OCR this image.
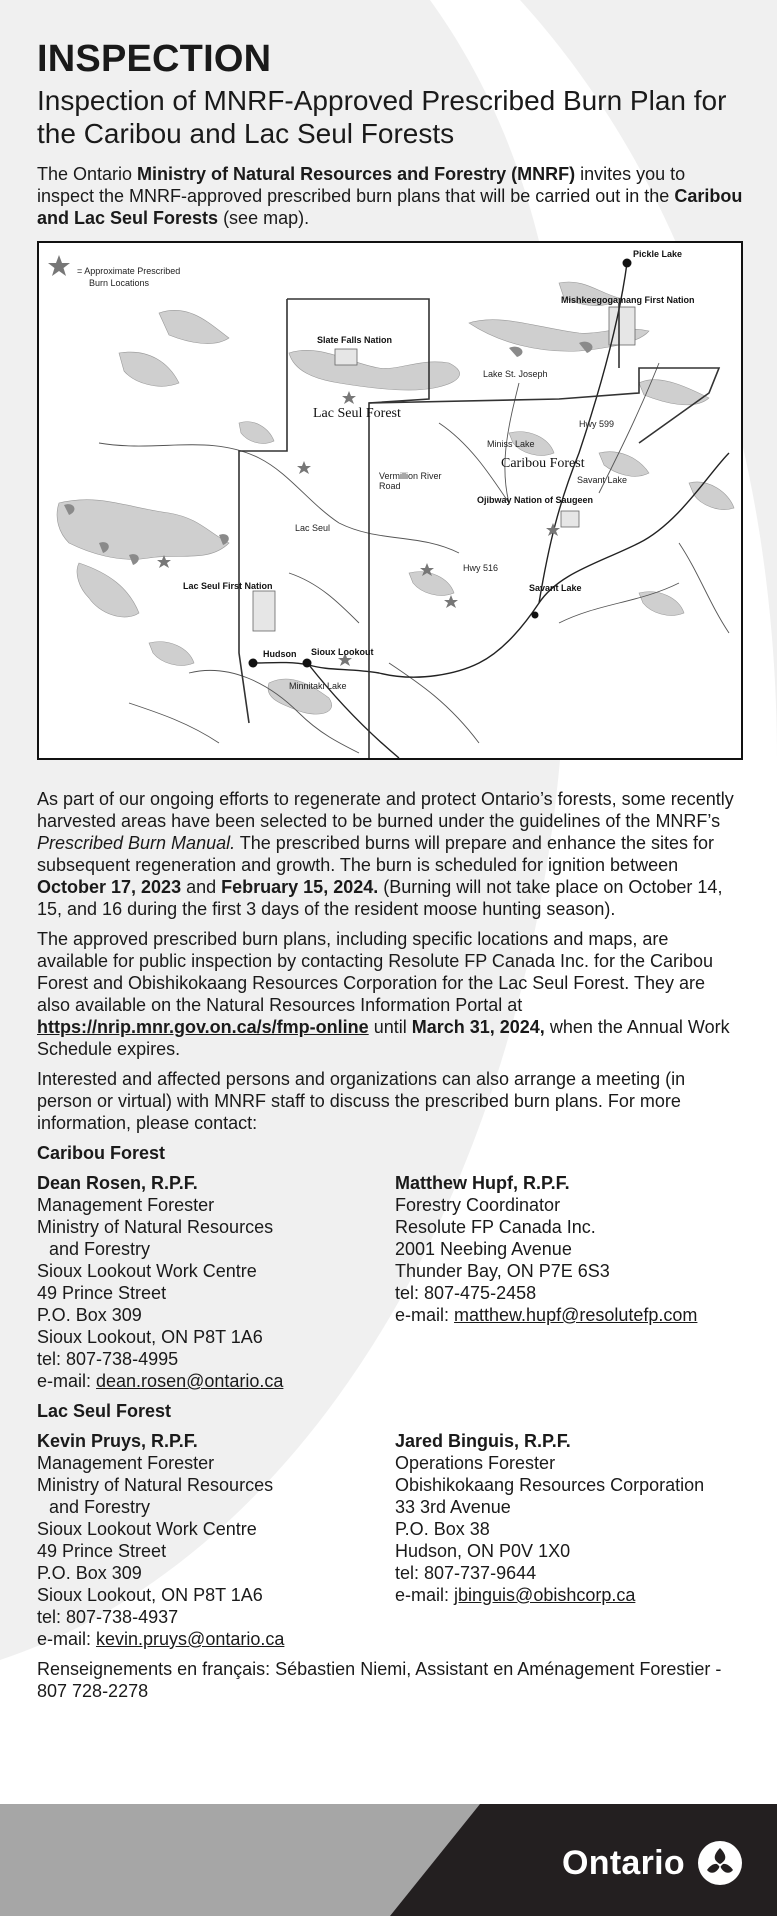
INSPECTION
Inspection of MNRF-Approved Prescribed Burn Plan for the Caribou and Lac Seul Forests

The Ontario Ministry of Natural Resources and Forestry (MNRF) invites you to inspect the MNRF-approved prescribed burn plans that will be carried out in the Caribou and Lac Seul Forests (see map).

= Approximate Prescribed
Burn Locations
Pickle Lake
Mishkeegogamang First Nation
Slate Falls Nation
Lake St. Joseph
Lac Seul Forest
Hwy 599
Miniss Lake
Caribou Forest
Vermillion River
Road
Savant Lake
Ojibway Nation of Saugeen
Lac Seul
Hwy 516
Savant Lake
Lac Seul First Nation
Hudson Sioux Lookout
Minnitaki Lake

As part of our ongoing efforts to regenerate and protect Ontario’s forests, some recently harvested areas have been selected to be burned under the guidelines of the MNRF’s Prescribed Burn Manual. The prescribed burns will prepare and enhance the sites for subsequent regeneration and growth. The burn is scheduled for ignition between October 17, 2023 and February 15, 2024. (Burning will not take place on October 14, 15, and 16 during the first 3 days of the resident moose hunting season).

The approved prescribed burn plans, including specific locations and maps, are available for public inspection by contacting Resolute FP Canada Inc. for the Caribou Forest and Obishikokaang Resources Corporation for the Lac Seul Forest. They are also available on the Natural Resources Information Portal at https://nrip.mnr.gov.on.ca/s/fmp-online until March 31, 2024, when the Annual Work Schedule expires.

Interested and affected persons and organizations can also arrange a meeting (in person or virtual) with MNRF staff to discuss the prescribed burn plans. For more information, please contact:

Caribou Forest
Dean Rosen, R.P.F.
Management Forester
Ministry of Natural Resources
and Forestry
Sioux Lookout Work Centre
49 Prince Street
P.O. Box 309
Sioux Lookout, ON P8T 1A6
tel: 807-738-4995
e-mail: dean.rosen@ontario.ca
Matthew Hupf, R.P.F.
Forestry Coordinator
Resolute FP Canada Inc.
2001 Neebing Avenue
Thunder Bay, ON P7E 6S3
tel: 807-475-2458
e-mail: matthew.hupf@resolutefp.com
Lac Seul Forest
Kevin Pruys, R.P.F.
Management Forester
Ministry of Natural Resources
and Forestry
Sioux Lookout Work Centre
49 Prince Street
P.O. Box 309
Sioux Lookout, ON P8T 1A6
tel: 807-738-4937
e-mail: kevin.pruys@ontario.ca
Jared Binguis, R.P.F.
Operations Forester
Obishikokaang Resources Corporation
33 3rd Avenue
P.O. Box 38
Hudson, ON P0V 1X0
tel: 807-737-9644
e-mail: jbinguis@obishcorp.ca

Renseignements en français: Sébastien Niemi, Assistant en Aménagement Forestier - 807 728-2278

Ontario
